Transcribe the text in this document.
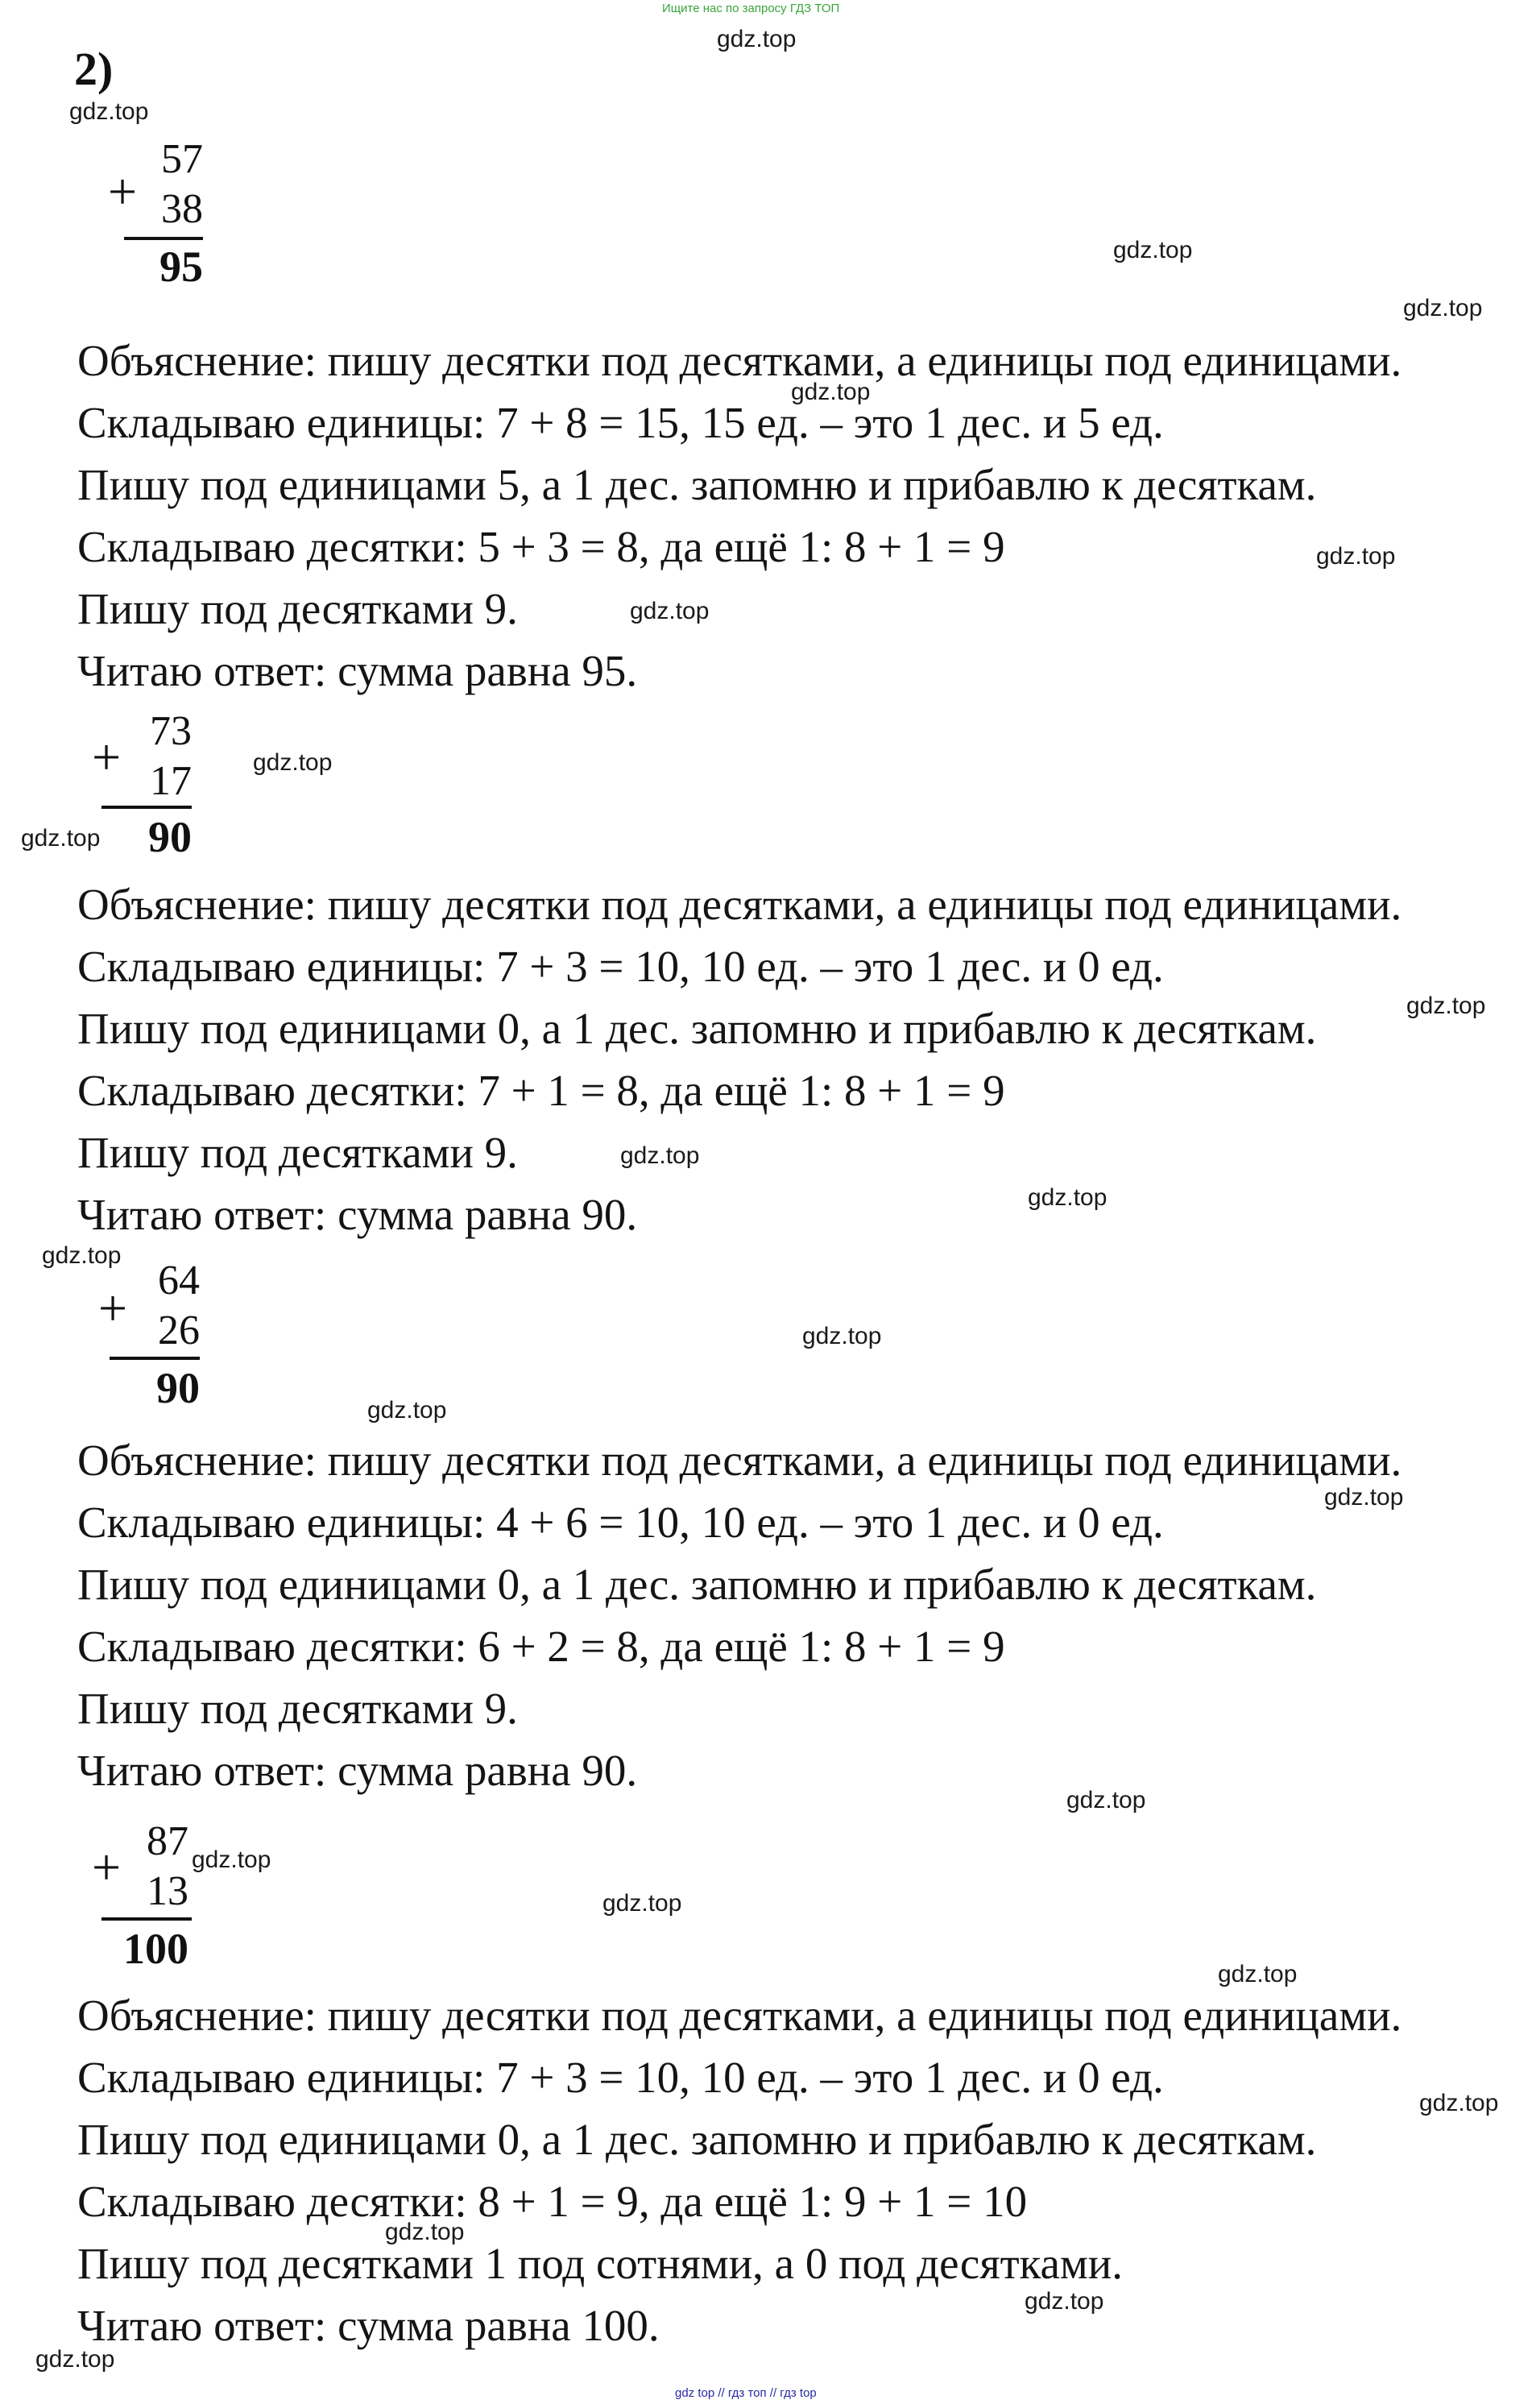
Ищите нас по запросу ГДЗ ТОП
gdz top // гдз топ // гдз top
2)
+
57
38
95
Объяснение: пишу десятки под десятками, а единицы под единицами.
Складываю единицы: 7 + 8 = 15, 15 ед. – это 1 дес. и 5 ед.
Пишу под единицами 5, а 1 дес. запомню и прибавлю к десяткам.
Складываю десятки: 5 + 3 = 8, да ещё 1: 8 + 1 = 9
Пишу под десятками 9.
Читаю ответ: сумма равна 95.
+ 73
17
90
Объяснение: пишу десятки под десятками, а единицы под единицами.
Складываю единицы: 7 + 3 = 10, 10 ед. – это 1 дес. и 0 ед.
Пишу под единицами 0, а 1 дес. запомню и прибавлю к десяткам.
Складываю десятки: 7 + 1 = 8, да ещё 1: 8 + 1 = 9
Пишу под десятками 9.
Читаю ответ: сумма равна 90.
+ 64
26
90
Объяснение: пишу десятки под десятками, а единицы под единицами.
Складываю единицы: 4 + 6 = 10, 10 ед. – это 1 дес. и 0 ед.
Пишу под единицами 0, а 1 дес. запомню и прибавлю к десяткам.
Складываю десятки: 6 + 2 = 8, да ещё 1: 8 + 1 = 9
Пишу под десятками 9.
Читаю ответ: сумма равна 90.
+ 87
13
100
Объяснение: пишу десятки под десятками, а единицы под единицами.
Складываю единицы: 7 + 3 = 10, 10 ед. – это 1 дес. и 0 ед.
Пишу под единицами 0, а 1 дес. запомню и прибавлю к десяткам.
Складываю десятки: 8 + 1 = 9, да ещё 1: 9 + 1 = 10
Пишу под десятками 1 под сотнями, а 0 под десятками.
Читаю ответ: сумма равна 100.
gdz.top
gdz.top
gdz.top
gdz.top
gdz.top
gdz.top
gdz.top
gdz.top
gdz.top
gdz.top
gdz.top
gdz.top
gdz.top
gdz.top
gdz.top
gdz.top
gdz.top
gdz.top
gdz.top
gdz.top
gdz.top
gdz.top
gdz.top
gdz.top
